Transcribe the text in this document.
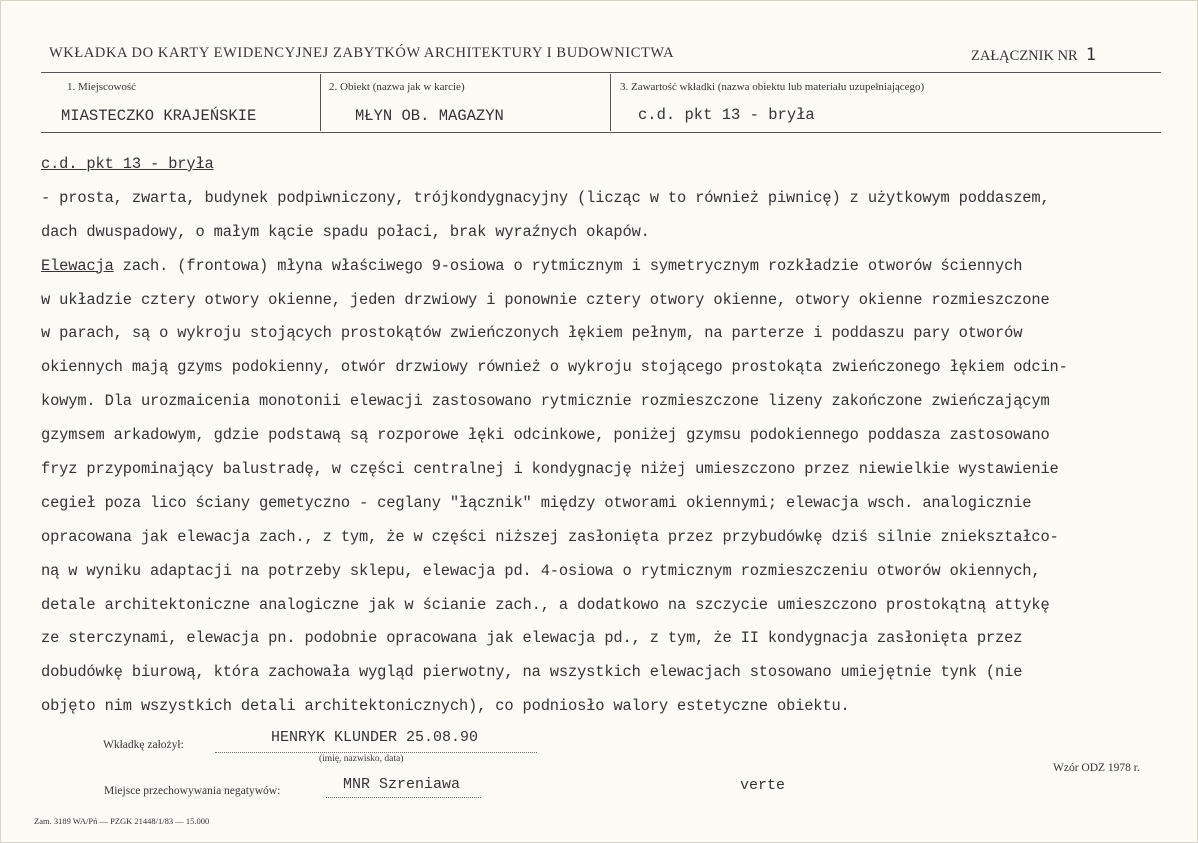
WKŁADKA DO KARTY EWIDENCYJNEJ ZABYTKÓW ARCHITEKTURY I BUDOWNICTWA	ZAŁĄCZNIK NR 1
1. Miejscowość
MIASTECZKO KRAJEŃSKIE
2. Obiekt (nazwa jak w karcie)
MŁYN OB. MAGAZYN
3. Zawartość wkładki (nazwa obiektu lub materiału uzupełniającego)
c.d. pkt 13 - bryła
c.d. pkt 13 - bryła
- prosta, zwarta, budynek podpiwniczony, trójkondygnacyjny (licząc w to również piwnicę) z użytkowym poddaszem,
dach dwuspadowy, o małym kącie spadu połaci, brak wyraźnych okapów.
Elewacja zach. (frontowa) młyna właściwego 9-osiowa o rytmicznym i symetrycznym rozkładzie otworów ściennych
w układzie cztery otwory okienne, jeden drzwiowy i ponownie cztery otwory okienne, otwory okienne rozmieszczone
w parach, są o wykroju stojących prostokątów zwieńczonych łękiem pełnym, na parterze i poddaszu pary otworów
okiennych mają gzyms podokienny, otwór drzwiowy również o wykroju stojącego prostokąta zwieńczonego łękiem odcin-
kowym. Dla urozmaicenia monotonii elewacji zastosowano rytmicznie rozmieszczone lizeny zakończone zwieńczającym
gzymsem arkadowym, gdzie podstawą są rozporowe łęki odcinkowe, poniżej gzymsu podokiennego poddasza zastosowano
fryz przypominający balustradę, w części centralnej i kondygnację niżej umieszczono przez niewielkie wystawienie
cegieł poza lico ściany gemetyczno - ceglany "łącznik" między otworami okiennymi; elewacja wsch. analogicznie
opracowana jak elewacja zach., z tym, że w części niższej zasłonięta przez przybudówkę dziś silnie zniekształco-
ną w wyniku adaptacji na potrzeby sklepu, elewacja pd. 4-osiowa o rytmicznym rozmieszczeniu otworów okiennych,
detale architektoniczne analogiczne jak w ścianie zach., a dodatkowo na szczycie umieszczono prostokątną attykę
ze sterczynami, elewacja pn. podobnie opracowana jak elewacja pd., z tym, że II kondygnacja zasłonięta przez
dobudówkę biurową, która zachowała wygląd pierwotny, na wszystkich elewacjach stosowano umiejętnie tynk (nie
objęto nim wszystkich detali architektonicznych), co podniosło walory estetyczne obiektu.
Wkładkę założył:	HENRYK KLUNDER 25.08.90
(imię, nazwisko, data)
Wzór ODZ 1978 r.
Miejsce przechowywania negatywów:	MNR Szreniawa	verte
Zam. 3189 WA/Pń — PZGK 21448/1/83 — 15.000
